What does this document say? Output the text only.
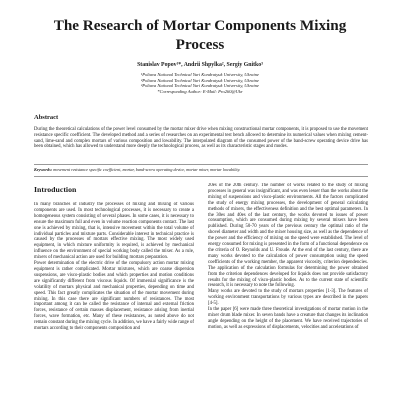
The Research of Mortar Components Mixing Process
Stanislav Popov¹*, Andrii Shpylka², Sergiy Gnitko³
¹Poltava National Technical Yuri Kondratyuk University, Ukraine
²Poltava National Technical Yuri Kondratyuk University, Ukraine
³Poltava National Technical Yuri Kondratyuk University, Ukraine
*Corresponding Author: E-Mail: Pro260@Ukr
Abstract
During the theoretical calculations of the power level consumed by the mortar mixer drive when mixing constructional mortar components, it is proposed to use the movement resistance specific coefficient. The developed method and a series of researches on an experimental test bench allowed to determine its numerical values when mixing cement-sand, lime-sand and complex mortars of various composition and lowability. The interpolated diagram of the consumed power of the band-screw operating device drive has been obtained, which has allowed to understand more deeply the technological process, as well as its characteristic stages and modes.
Keywords: movement resistance specific coefficient, mortar, band-screw operating device, mortar mixer, mortar lowability.
Introduction

In many branches of industry the processes of mixing and mixing of various components are used. In most technological processes, it is necessary to create a homogeneous system consisting of several phases. In some cases, it is necessary to ensure the maximum full and even in volume reaction components contact. The last one is achieved by mixing, that is, intensive movement within the total volume of individual particles and mixture parts. Considerable interest in technical practice is caused by the processes of mortars effective mixing. The most widely used equipment, in which mixture uniformity is required, is achieved by mechanical influence on the environment of special working body called the mixer. As a rule, mixers of mechanical action are used for building mortars preparation.

Power determination of the electric drive of the compulsory action mortar mixing equipment is rather complicated. Mortar mixtures, which are coarse dispersion suspensions, are visco-plastic bodies and which properties and motion conditions are significantly different from viscous liquids. Of immersial significance is the volatility of mortars physical and mechanical properties, depending on time and speed. This fact greatly complicates the situation of the mortar movement during mixing. In this case there are significant numbers of resistances. The most important among it can be called the resistance of internal and external friction forces, resistance of certain masses displacement, resistance arising from inertial forces, wave formation, etc. Many of these resistances, as noted above do not remain constant during the mixing cycle. In addition, we have a fairly wide range of mortars according to their components composition and

20es of the 20th century. The number of works related to the study of mixing processes in general was insignificant, and was even lesser than the works about the mixing of suspensions and visco-plastic environments. All the factors complicated the study of energy mixing processes, the development of general calculating methods of mixers, the effectiveness definition and the best optimal parameters. In the 30es and 40es of the last century, the works devoted to issues of power consumption, which are consumed during mixing by several mixers have been published. During 50-70 years of the previous century the optimal ratio of the shovel diameter and width and the mixer housing size, as well as the dependence of the power and the efficiency of mixing on the speed were established. The level of energy consumed for mixing is presented in the form of a functional dependence on the criteria of O. Reynolds and U. Froude. At the end of the last century, there are many works devoted to the calculation of power consumption using the speed coefficients of the working member, the apparent viscosity, criterion dependencies. The application of the calculation formulas for determining the power obtained from the criterion dependences developed for liquids does not provide satisfactory results for the mixing of visco-plastic bodies. As to the current state of scientific research, it is necessary to note the following.

Many works are devoted to the study of mortars properties [1-3]. The features of working environment transportations by various types are described in the papers [4-5].

In the paper [6] were made three theoretical investigations of mortar motion in the mixer drum blade mixer. In seven bands have a creature that changes its inclination angle depending on the height of the placement. We have received trajectories of motion, as well as expressions of displacements, velocities and accelerations of
